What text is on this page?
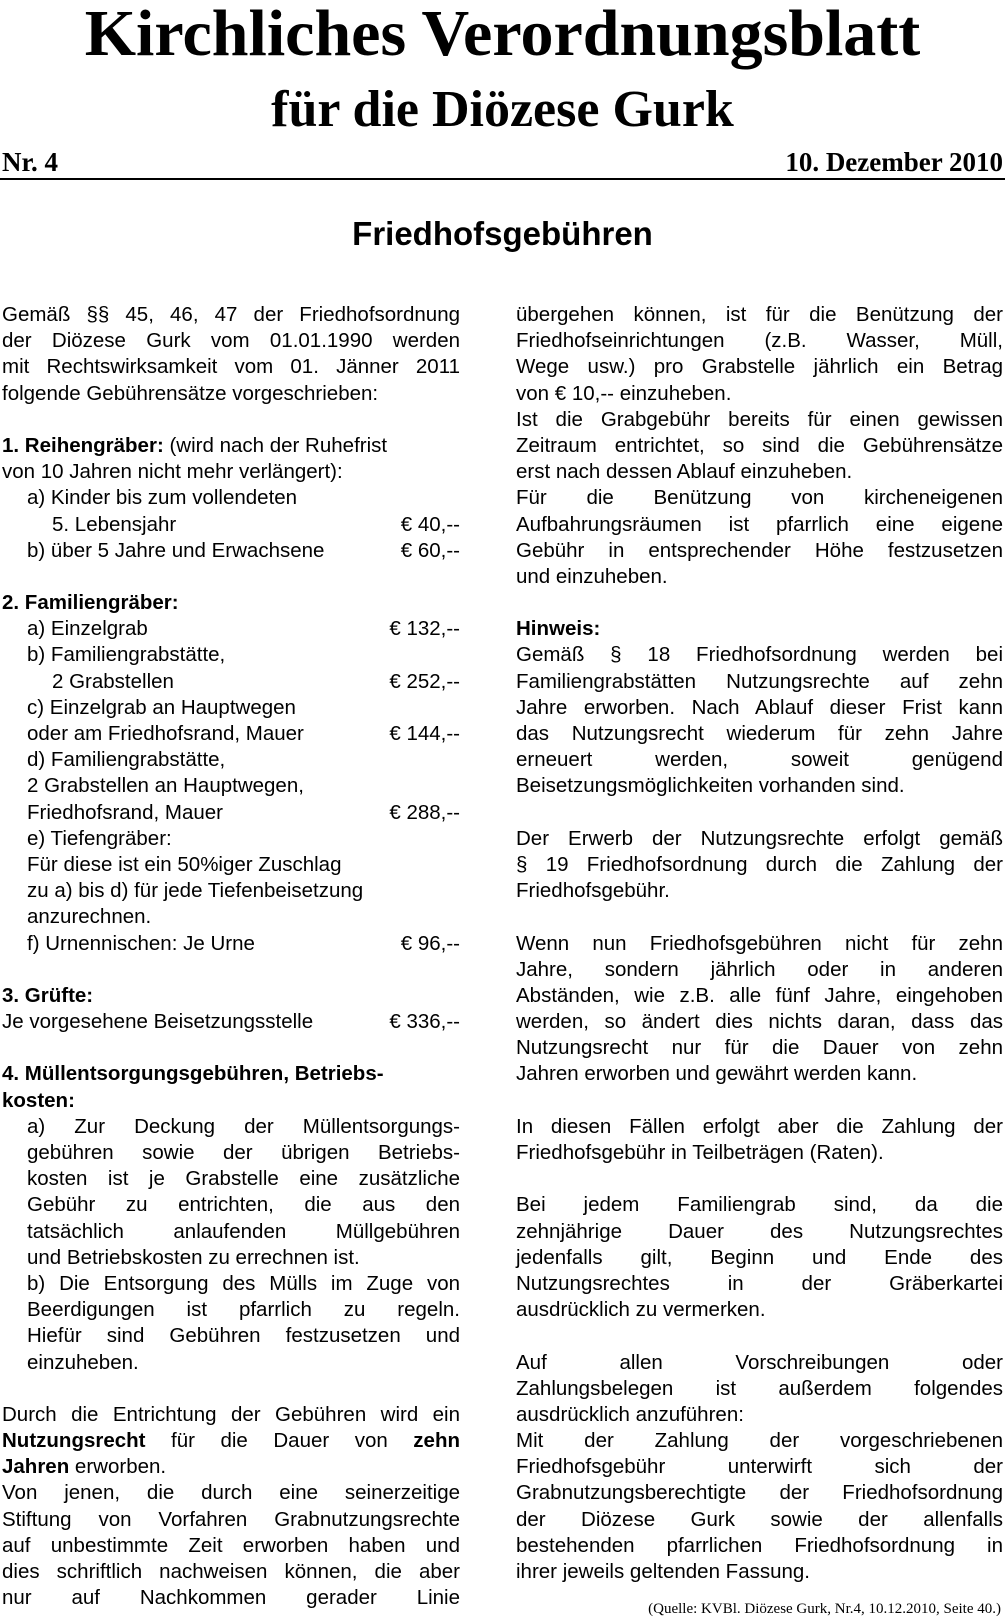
Kirchliches Verordnungsblatt
für die Diözese Gurk
Nr. 4	10. Dezember 2010
Friedhofsgebühren
Gemäß §§ 45, 46, 47 der Friedhofsordnung
der Diözese Gurk vom 01.01.1990 werden
mit Rechtswirksamkeit vom 01. Jänner 2011
folgende Gebührensätze vorgeschrieben:
1. Reihengräber: (wird nach der Ruhefrist
von 10 Jahren nicht mehr verlängert):
a) Kinder bis zum vollendeten
5. Lebensjahr	€ 40,--
b) über 5 Jahre und Erwachsene	€ 60,--
2. Familiengräber:
a) Einzelgrab	€ 132,--
b) Familiengrabstätte,
2 Grabstellen	€ 252,--
c) Einzelgrab an Hauptwegen
oder am Friedhofsrand, Mauer	€ 144,--
d) Familiengrabstätte,
2 Grabstellen an Hauptwegen,
Friedhofsrand, Mauer	€ 288,--
e) Tiefengräber:
Für diese ist ein 50%iger Zuschlag
zu a) bis d) für jede Tiefenbeisetzung
anzurechnen.
f) Urnennischen: Je Urne	€ 96,--
3. Grüfte:
Je vorgesehene Beisetzungsstelle	€ 336,--
4. Müllentsorgungsgebühren, Betriebs-
kosten:
a) Zur Deckung der Müllentsorgungs-
gebühren sowie der übrigen Betriebs-
kosten ist je Grabstelle eine zusätzliche
Gebühr zu entrichten, die aus den
tatsächlich anlaufenden Müllgebühren
und Betriebskosten zu errechnen ist.
b) Die Entsorgung des Mülls im Zuge von
Beerdigungen ist pfarrlich zu regeln.
Hiefür sind Gebühren festzusetzen und
einzuheben.
Durch die Entrichtung der Gebühren wird ein
Nutzungsrecht für die Dauer von zehn
Jahren erworben.
Von jenen, die durch eine seinerzeitige
Stiftung von Vorfahren Grabnutzungsrechte
auf unbestimmte Zeit erworben haben und
dies schriftlich nachweisen können, die aber
nur auf Nachkommen gerader Linie
übergehen können, ist für die Benützung der
Friedhofseinrichtungen (z.B. Wasser, Müll,
Wege usw.) pro Grabstelle jährlich ein Betrag
von € 10,-- einzuheben.
Ist die Grabgebühr bereits für einen gewissen
Zeitraum entrichtet, so sind die Gebührensätze
erst nach dessen Ablauf einzuheben.
Für die Benützung von kircheneigenen
Aufbahrungsräumen ist pfarrlich eine eigene
Gebühr in entsprechender Höhe festzusetzen
und einzuheben.
Hinweis:
Gemäß § 18 Friedhofsordnung werden bei
Familiengrabstätten Nutzungsrechte auf zehn
Jahre erworben. Nach Ablauf dieser Frist kann
das Nutzungsrecht wiederum für zehn Jahre
erneuert werden, soweit genügend
Beisetzungsmöglichkeiten vorhanden sind.
Der Erwerb der Nutzungsrechte erfolgt gemäß
§ 19 Friedhofsordnung durch die Zahlung der
Friedhofsgebühr.
Wenn nun Friedhofsgebühren nicht für zehn
Jahre, sondern jährlich oder in anderen
Abständen, wie z.B. alle fünf Jahre, eingehoben
werden, so ändert dies nichts daran, dass das
Nutzungsrecht nur für die Dauer von zehn
Jahren erworben und gewährt werden kann.
In diesen Fällen erfolgt aber die Zahlung der
Friedhofsgebühr in Teilbeträgen (Raten).
Bei jedem Familiengrab sind, da die
zehnjährige Dauer des Nutzungsrechtes
jedenfalls gilt, Beginn und Ende des
Nutzungsrechtes in der Gräberkartei
ausdrücklich zu vermerken.
Auf allen Vorschreibungen oder
Zahlungsbelegen ist außerdem folgendes
ausdrücklich anzuführen:
Mit der Zahlung der vorgeschriebenen
Friedhofsgebühr unterwirft sich der
Grabnutzungsberechtigte der Friedhofsordnung
der Diözese Gurk sowie der allenfalls
bestehenden pfarrlichen Friedhofsordnung in
ihrer jeweils geltenden Fassung.
(Quelle: KVBl. Diözese Gurk, Nr.4, 10.12.2010, Seite 40.)
